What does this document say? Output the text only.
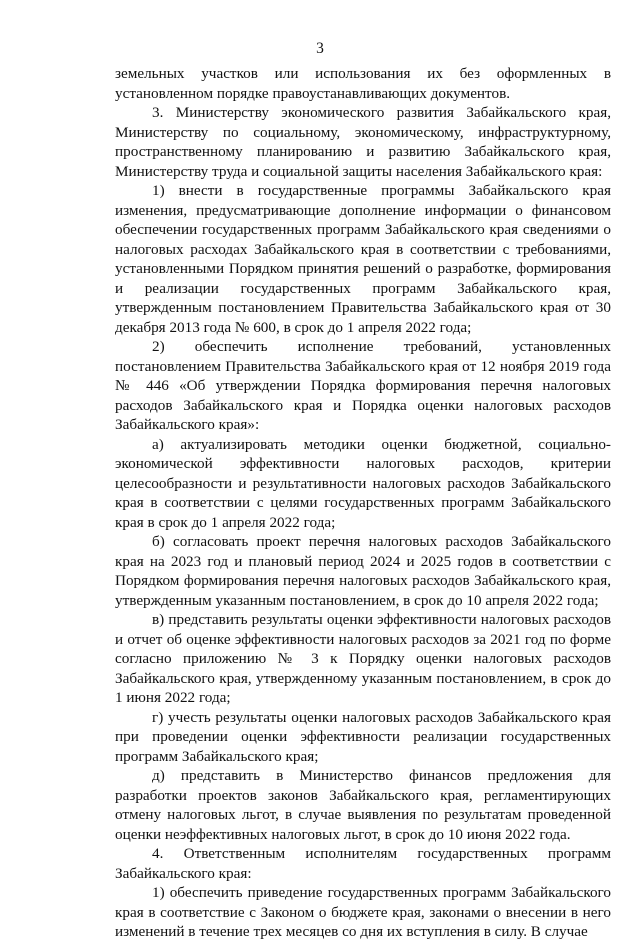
3

земельных участков или использования их без оформленных в установленном порядке правоустанавливающих документов.

3. Министерству экономического развития Забайкальского края, Министерству по социальному, экономическому, инфраструктурному, пространственному планированию и развитию Забайкальского края, Министерству труда и социальной защиты населения Забайкальского края:

1) внести в государственные программы Забайкальского края изменения, предусматривающие дополнение информации о финансовом обеспечении государственных программ Забайкальского края сведениями о налоговых расходах Забайкальского края в соответствии с требованиями, установленными Порядком принятия решений о разработке, формирования и реализации государственных программ Забайкальского края, утвержденным постановлением Правительства Забайкальского края от 30 декабря 2013 года № 600, в срок до 1 апреля 2022 года;

2) обеспечить исполнение требований, установленных постановлением Правительства Забайкальского края от 12 ноября 2019 года № 446 «Об утверждении Порядка формирования перечня налоговых расходов Забайкальского края и Порядка оценки налоговых расходов Забайкальского края»:

а) актуализировать методики оценки бюджетной, социально-экономической эффективности налоговых расходов, критерии целесообразности и результативности налоговых расходов Забайкальского края в соответствии с целями государственных программ Забайкальского края в срок до 1 апреля 2022 года;

б) согласовать проект перечня налоговых расходов Забайкальского края на 2023 год и плановый период 2024 и 2025 годов в соответствии с Порядком формирования перечня налоговых расходов Забайкальского края, утвержденным указанным постановлением, в срок до 10 апреля 2022 года;

в) представить результаты оценки эффективности налоговых расходов и отчет об оценке эффективности налоговых расходов за 2021 год по форме согласно приложению № 3 к Порядку оценки налоговых расходов Забайкальского края, утвержденному указанным постановлением, в срок до 1 июня 2022 года;

г) учесть результаты оценки налоговых расходов Забайкальского края при проведении оценки эффективности реализации государственных программ Забайкальского края;

д) представить в Министерство финансов предложения для разработки проектов законов Забайкальского края, регламентирующих отмену налоговых льгот, в случае выявления по результатам проведенной оценки неэффективных налоговых льгот, в срок до 10 июня 2022 года.

4. Ответственным исполнителям государственных программ Забайкальского края:

1) обеспечить приведение государственных программ Забайкальского края в соответствие с Законом о бюджете края, законами о внесении в него изменений в течение трех месяцев со дня их вступления в силу. В случае
